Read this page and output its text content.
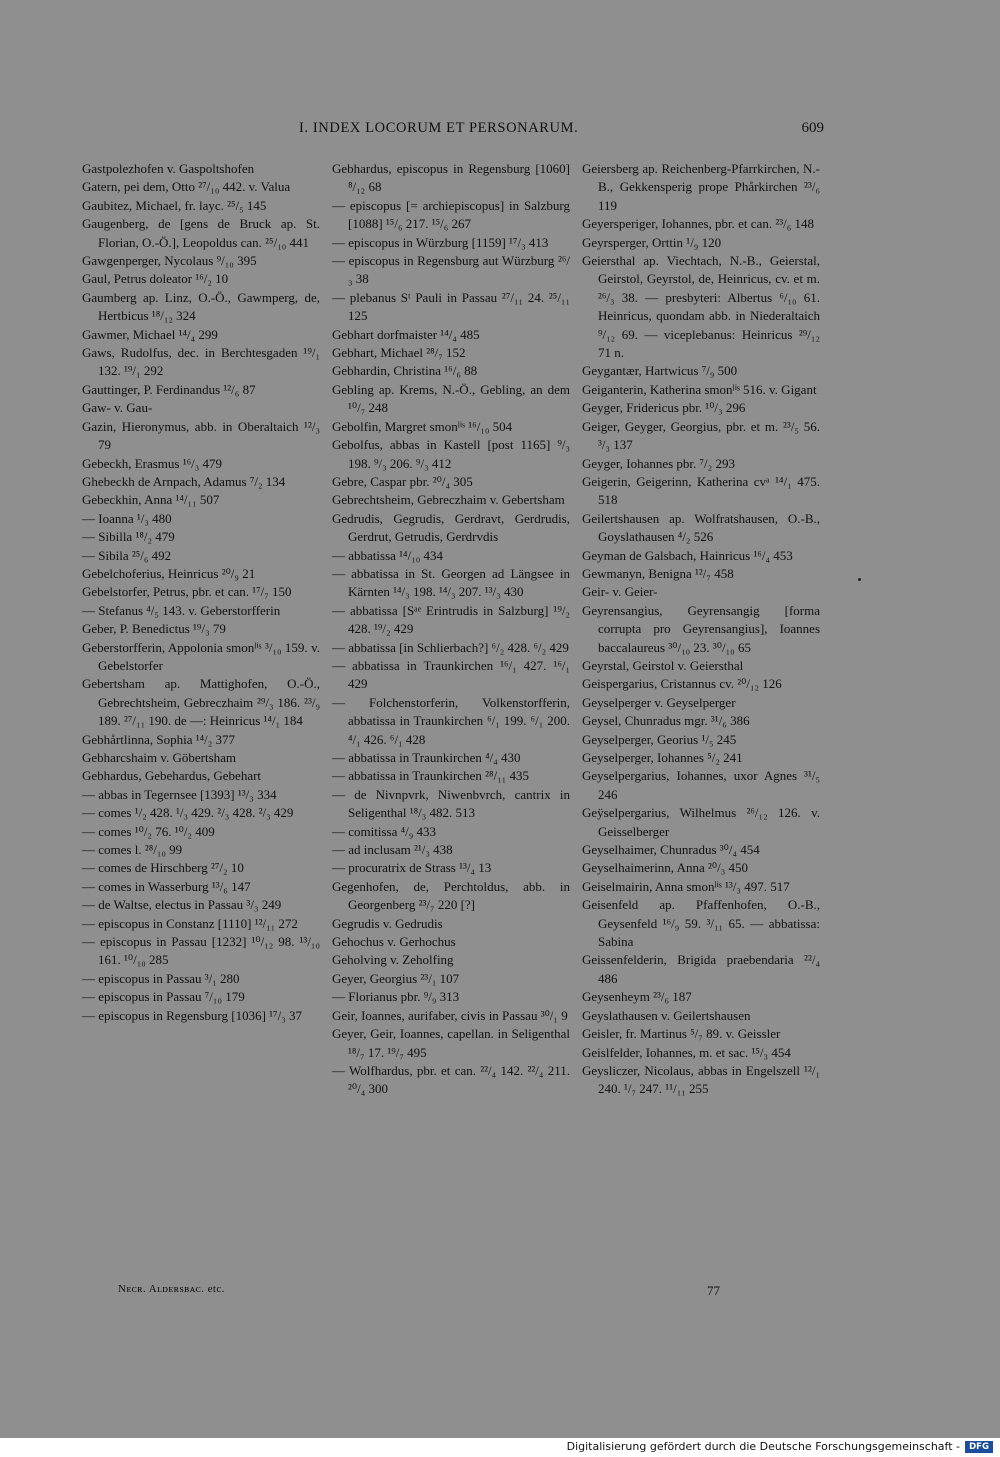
I. INDEX LOCORUM ET PERSONARUM.	609
Gastpolezhofen v. Gaspoltshofen
Gatern, pei dem, Otto ²⁷/₁₀ 442. v. Valua
Gaubitez, Michael, fr. layc. ²⁵/₅ 145
Gaugenberg, de [gens de Bruck ap. St. Florian, O.-Ö.], Leopoldus can. ²⁵/₁₀ 441
Gawgenperger, Nycolaus ⁹/₁₀ 395
Gaul, Petrus doleator ¹⁶/₂ 10
Gaumberg ap. Linz, O.-Ö., Gawmperg, de, Hertbicus ¹⁸/₁₂ 324
Gawmer, Michael ¹⁴/₄ 299
Gaws, Rudolfus, dec. in Berchtesgaden ¹⁹/₁ 132. ¹⁹/₁ 292
Gauttinger, P. Ferdinandus ¹²/₆ 87
Gaw- v. Gau-
Gazin, Hieronymus, abb. in Oberaltaich ¹²/₃ 79
Gebeckh, Erasmus ¹⁶/₃ 479
Ghebeckh de Arnpach, Adamus ⁷/₂ 134
Gebeckhin, Anna ¹⁴/₁₁ 507
— Ioanna ¹/₃ 480
— Sibilla ¹⁸/₂ 479
— Sibila ²⁵/₆ 492
Gebelchoferius, Heinricus ²⁰/₉ 21
Gebelstorfer, Petrus, pbr. et can. ¹⁷/₇ 150
— Stefanus ⁴/₅ 143. v. Geberstorfferin
Geber, P. Benedictus ¹⁹/₃ 79
Geberstorfferin, Appolonia smonˡⁱˢ ³/₁₀ 159. v. Gebelstorfer
Gebertsham ap. Mattighofen, O.-Ö., Gebrechtsheim, Gebreczhaim ²⁹/₃ 186. ²³/₉ 189. ²⁷/₁₁ 190. de —: Heinricus ¹⁴/₁ 184
Gebhårtlinna, Sophia ¹⁴/₂ 377
Gebharcshaim v. Göbertsham
Gebhardus, Gebehardus, Gebehart
— abbas in Tegernsee [1393] ¹³/₃ 334
— comes ¹/₂ 428. ¹/₃ 429. ²/₃ 428. ²/₃ 429
— comes ¹⁰/₂ 76. ¹⁰/₂ 409
— comes l. ²⁸/₁₀ 99
— comes de Hirschberg ²⁷/₂ 10
— comes in Wasserburg ¹³/₆ 147
— de Waltse, electus in Passau ³/₃ 249
— episcopus in Constanz [1110] ¹²/₁₁ 272
— episcopus in Passau [1232] ¹⁰/₁₂ 98. ¹³/₁₀ 161. ¹⁰/₁₀ 285
— episcopus in Passau ³/₁ 280
— episcopus in Passau ⁷/₁₀ 179
— episcopus in Regensburg [1036] ¹⁷/₃ 37
Gebhardus, episcopus in Regensburg [1060] ⁸/₁₂ 68
— episcopus [= archiepiscopus] in Salzburg [1088] ¹⁵/₆ 217. ¹⁵/₆ 267
— episcopus in Würzburg [1159] ¹⁷/₃ 413
— episcopus in Regensburg aut Würzburg ²⁶/₃ 38
— plebanus Sᵗ Pauli in Passau ²⁷/₁₁ 24. ²⁵/₁₁ 125
Gebhart dorfmaister ¹⁴/₄ 485
Gebhart, Michael ²⁸/₇ 152
Gebhardin, Christina ¹⁶/₆ 88
Gebling ap. Krems, N.-Ö., Gebling, an dem ¹⁰/₇ 248
Gebolfin, Margret smonˡⁱˢ ¹⁶/₁₀ 504
Gebolfus, abbas in Kastell [post 1165] ⁹/₃ 198. ⁹/₃ 206. ⁹/₃ 412
Gebre, Caspar pbr. ²⁰/₄ 305
Gebrechtsheim, Gebreczhaim v. Gebertsham
Gedrudis, Gegrudis, Gerdravt, Gerdrudis, Gerdrut, Getrudis, Gerdrvdis
— abbatissa ¹⁴/₁₀ 434
— abbatissa in St. Georgen ad Längsee in Kärnten ¹⁴/₃ 198. ¹⁴/₃ 207. ¹³/₃ 430
— abbatissa [Sᵃᵉ Erintrudis in Salzburg] ¹⁹/₂ 428. ¹⁹/₂ 429
— abbatissa [in Schlierbach?] ⁶/₂ 428. ⁶/₂ 429
— abbatissa in Traunkirchen ¹⁶/₁ 427. ¹⁶/₁ 429
— Folchenstorferin, Volkenstorfferin, abbatissa in Traunkirchen ⁶/₁ 199. ⁶/₁ 200. ⁴/₁ 426. ⁶/₁ 428
— abbatissa in Traunkirchen ⁴/₄ 430
— abbatissa in Traunkirchen ²⁸/₁₁ 435
— de Nivnpvrk, Niwenbvrch, cantrix in Seligenthal ¹⁸/₃ 482. 513
— comitissa ⁴/₉ 433
— ad inclusam ²¹/₃ 438
— procuratrix de Strass ¹³/₄ 13
Gegenhofen, de, Perchtoldus, abb. in Georgenberg ²³/₇ 220 [?]
Gegrudis v. Gedrudis
Gehochus v. Gerhochus
Geholving v. Zeholfing
Geyer, Georgius ²³/₁ 107
— Florianus pbr. ⁹/₉ 313
Geir, Ioannes, aurifaber, civis in Passau ³⁰/₁ 9
Geyer, Geir, Ioannes, capellan. in Seligenthal ¹⁸/₇ 17. ¹⁹/₇ 495
— Wolfhardus, pbr. et can. ²²/₄ 142. ²²/₄ 211. ²⁰/₄ 300
Geiersberg ap. Reichenberg-Pfarrkirchen, N.-B., Gekkensperig prope Phårkirchen ²³/₆ 119
Geyersperiger, Iohannes, pbr. et can. ²³/₆ 148
Geyrsperger, Orttin ¹/₉ 120
Geiersthal ap. Viechtach, N.-B., Geierstal, Geirstol, Geyrstol, de, Heinricus, cv. et m. ²⁶/₃ 38. — presbyteri: Albertus ⁶/₁₀ 61. Heinricus, quondam abb. in Niederaltaich ⁹/₁₂ 69. — viceplebanus: Heinricus ²⁹/₁₂ 71 n.
Geygantær, Hartwicus ⁷/₉ 500
Geiganterin, Katherina smonˡⁱˢ 516. v. Gigant
Geyger, Fridericus pbr. ¹⁰/₃ 296
Geiger, Geyger, Georgius, pbr. et m. ²³/₅ 56. ³/₃ 137
Geyger, Iohannes pbr. ⁷/₂ 293
Geigerin, Geigerinn, Katherina cvᵃ ¹⁴/₁ 475. 518
Geilertshausen ap. Wolfratshausen, O.-B., Goyslathausen ⁴/₂ 526
Geyman de Galsbach, Hainricus ¹⁶/₄ 453
Gewmanyn, Benigna ¹²/₇ 458
Geir- v. Geier-
Geyrensangius, Geyrensangig [forma corrupta pro Geyrensangius], Ioannes baccalaureus ³⁰/₁₀ 23. ³⁰/₁₀ 65
Geyrstal, Geirstol v. Geiersthal
Geispergarius, Cristannus cv. ²⁰/₁₂ 126
Geyselperger v. Geyselperger
Geysel, Chunradus mgr. ³¹/₆ 386
Geyselperger, Georius ¹/₅ 245
Geyselperger, Iohannes ⁵/₂ 241
Geyselpergarius, Iohannes, uxor Agnes ³¹/₅ 246
Geÿselpergarius, Wilhelmus ²⁶/₁₂ 126. v. Geisselberger
Geyselhaimer, Chunradus ³⁰/₄ 454
Geyselhaimerinn, Anna ²⁰/₃ 450
Geiselmairin, Anna smonˡⁱˢ ¹³/₃ 497. 517
Geisenfeld ap. Pfaffenhofen, O.-B., Geysenfeld ¹⁶/₉ 59. ³/₁₁ 65. — abbatissa: Sabina
Geissenfelderin, Brigida praebendaria ²²/₄ 486
Geysenheym ²³/₆ 187
Geyslathausen v. Geilertshausen
Geisler, fr. Martinus ⁵/₇ 89. v. Geissler
Geislfelder, Iohannes, m. et sac. ¹⁵/₃ 454
Geysliczer, Nicolaus, abbas in Engelszell ¹²/₁ 240. ¹/₇ 247. ¹¹/₁₁ 255
Nᴇᴄʀ. Aʟᴅᴇʀsʙᴀᴄ. etc.	77
Digitalisierung gefördert durch die Deutsche Forschungsgemeinschaft -	DFG
